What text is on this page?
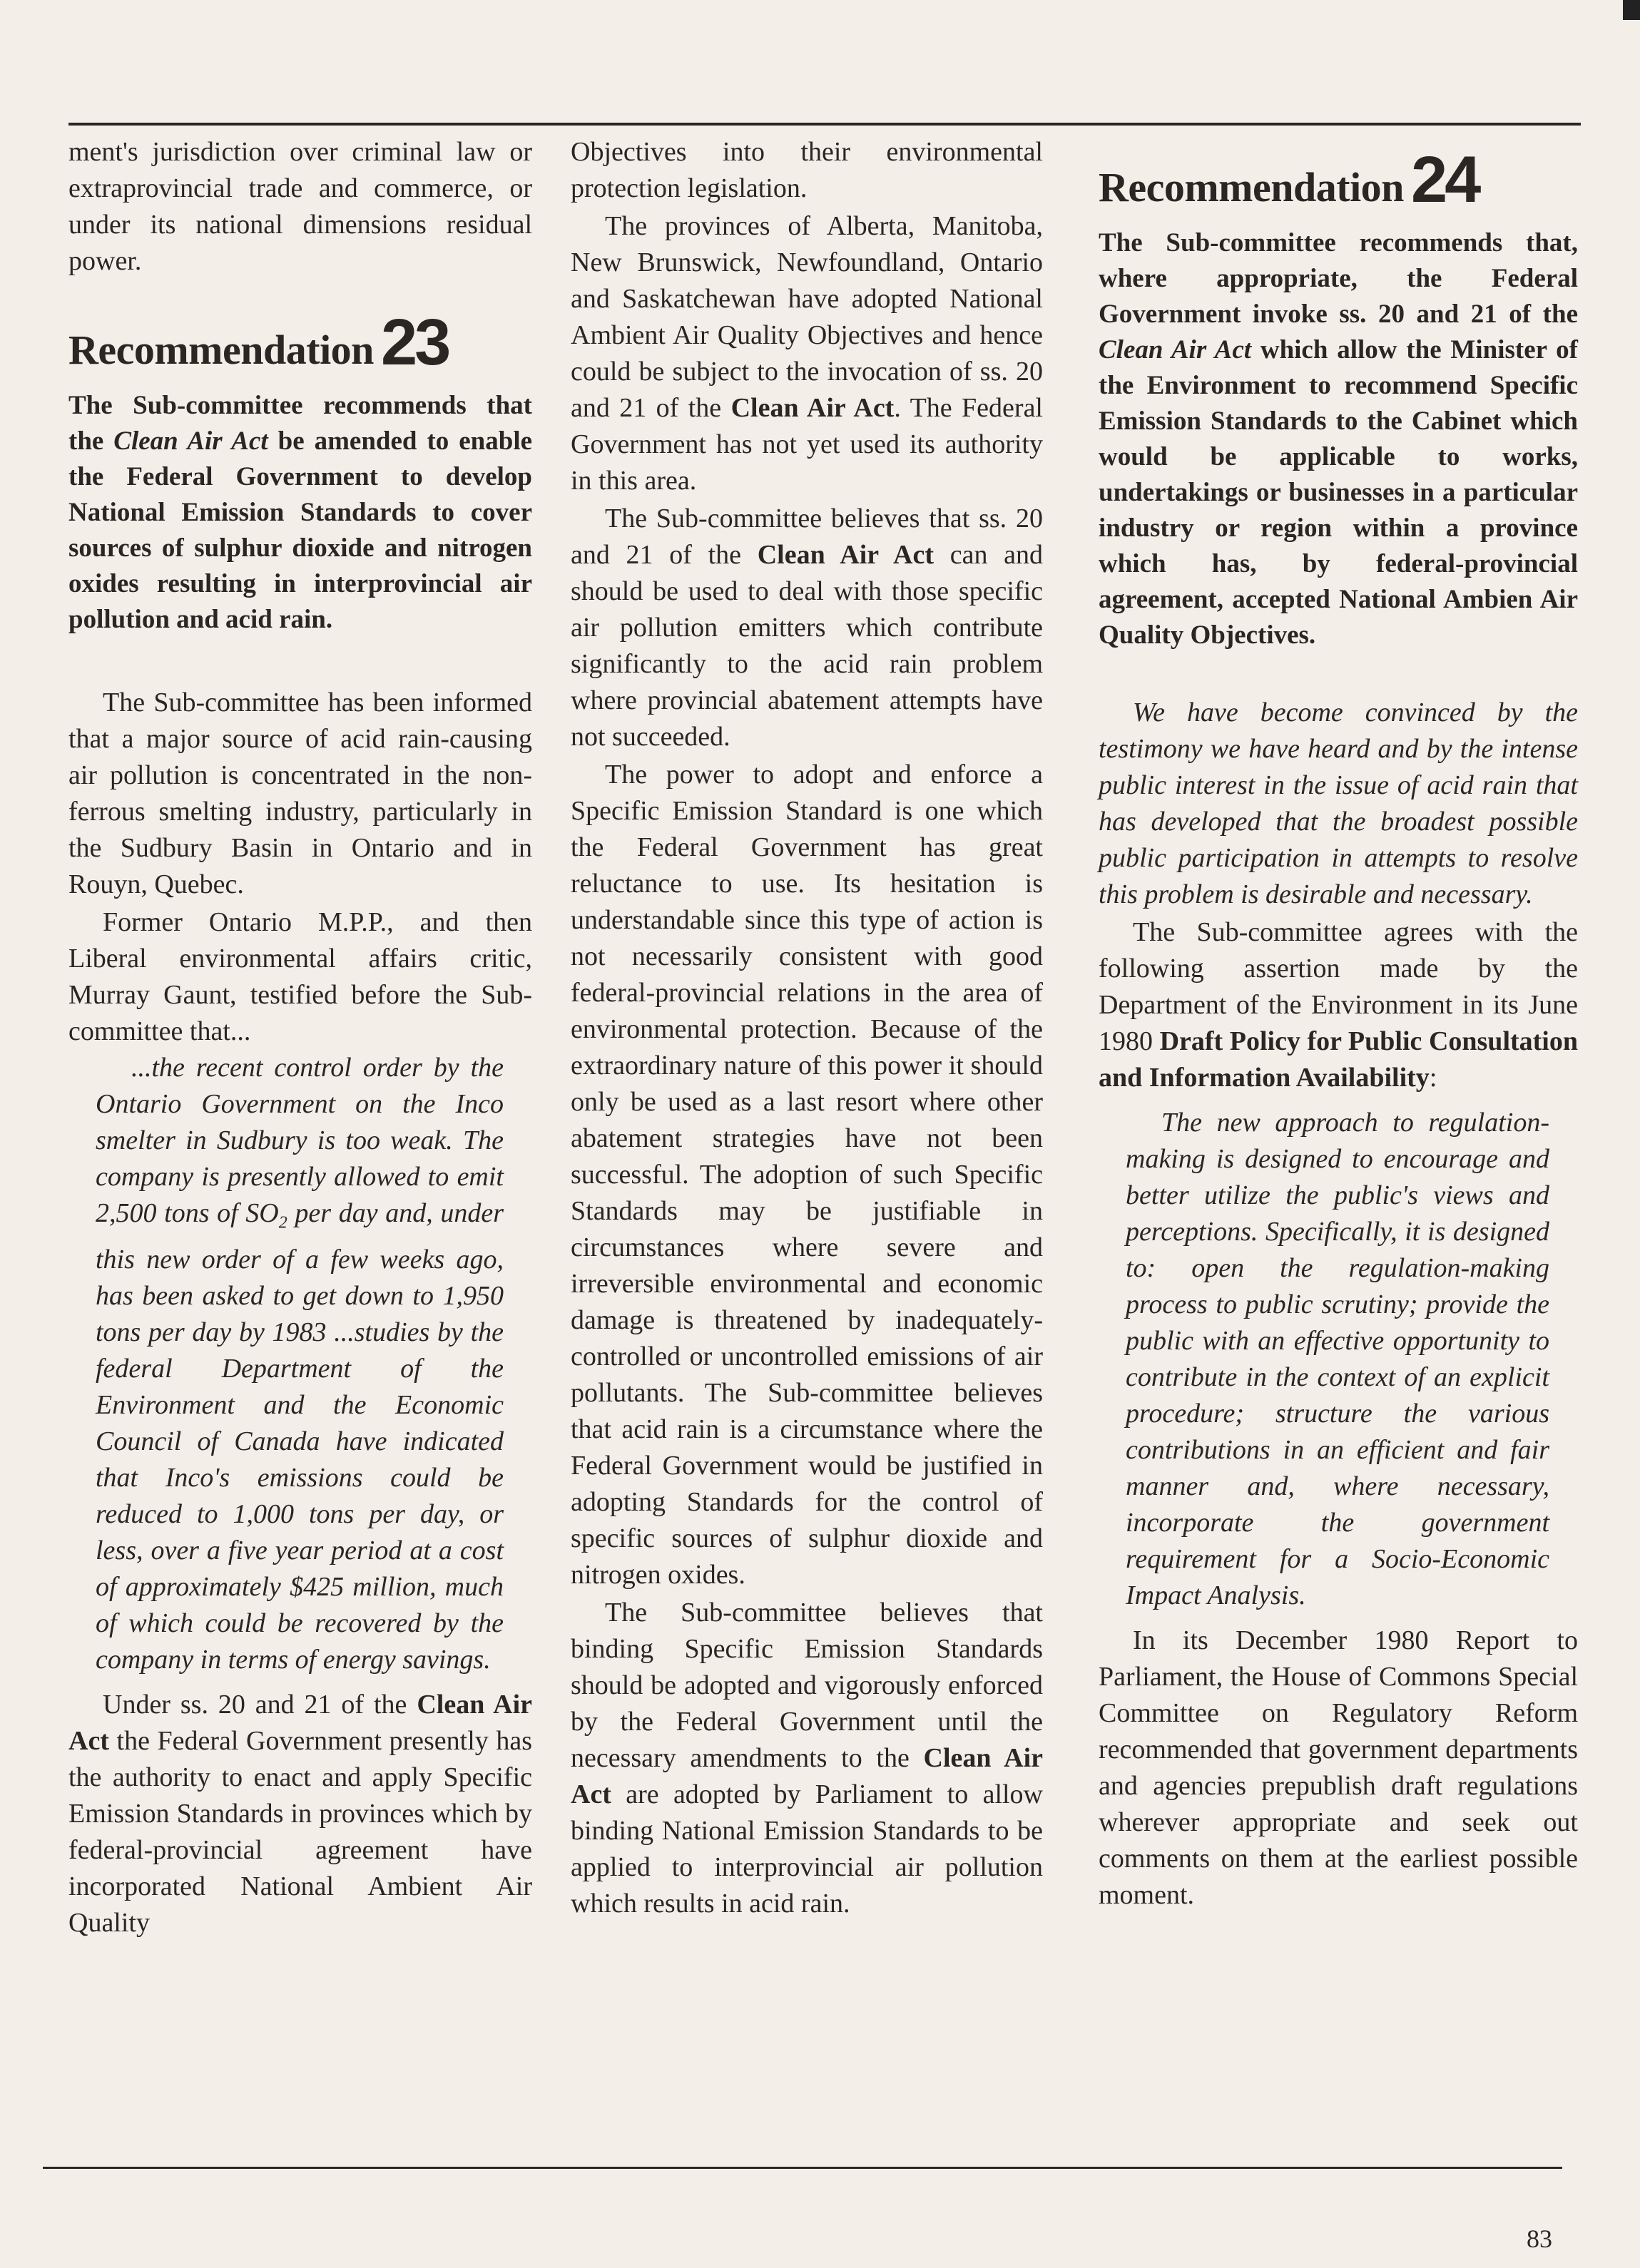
ment's jurisdiction over criminal law or extraprovincial trade and commerce, or under its national dimensions residual power.

Recommendation 23

The Sub-committee recommends that the Clean Air Act be amended to enable the Federal Government to develop National Emission Standards to cover sources of sulphur dioxide and nitrogen oxides resulting in interprovincial air pollution and acid rain.

The Sub-committee has been informed that a major source of acid rain-causing air pollution is concentrated in the non-ferrous smelting industry, particularly in the Sudbury Basin in Ontario and in Rouyn, Quebec.

Former Ontario M.P.P., and then Liberal environmental affairs critic, Murray Gaunt, testified before the Sub-committee that...

...the recent control order by the Ontario Government on the Inco smelter in Sudbury is too weak. The company is presently allowed to emit 2,500 tons of $SO_2$ per day and, under this new order of a few weeks ago, has been asked to get down to 1,950 tons per day by 1983 ...studies by the federal Department of the Environment and the Economic Council of Canada have indicated that Inco's emissions could be reduced to 1,000 tons per day, or less, over a five year period at a cost of approximately $425 million, much of which could be recovered by the company in terms of energy savings.

Under ss. 20 and 21 of the Clean Air Act the Federal Government presently has the authority to enact and apply Specific Emission Standards in provinces which by federal-provincial agreement have incorporated National Ambient Air Quality

Objectives into their environmental protection legislation.

The provinces of Alberta, Manitoba, New Brunswick, Newfoundland, Ontario and Saskatchewan have adopted National Ambient Air Quality Objectives and hence could be subject to the invocation of ss. 20 and 21 of the Clean Air Act. The Federal Government has not yet used its authority in this area.

The Sub-committee believes that ss. 20 and 21 of the Clean Air Act can and should be used to deal with those specific air pollution emitters which contribute significantly to the acid rain problem where provincial abatement attempts have not succeeded.

The power to adopt and enforce a Specific Emission Standard is one which the Federal Government has great reluctance to use. Its hesitation is understandable since this type of action is not necessarily consistent with good federal-provincial relations in the area of environmental protection. Because of the extraordinary nature of this power it should only be used as a last resort where other abatement strategies have not been successful. The adoption of such Specific Standards may be justifiable in circumstances where severe and irreversible environmental and economic damage is threatened by inadequately-controlled or uncontrolled emissions of air pollutants. The Sub-committee believes that acid rain is a circumstance where the Federal Government would be justified in adopting Standards for the control of specific sources of sulphur dioxide and nitrogen oxides.

The Sub-committee believes that binding Specific Emission Standards should be adopted and vigorously enforced by the Federal Government until the necessary amendments to the Clean Air Act are adopted by Parliament to allow binding National Emission Standards to be applied to interprovincial air pollution which results in acid rain.

Recommendation 24

The Sub-committee recommends that, where appropriate, the Federal Government invoke ss. 20 and 21 of the Clean Air Act which allow the Minister of the Environment to recommend Specific Emission Standards to the Cabinet which would be applicable to works, undertakings or businesses in a particular industry or region within a province which has, by federal-provincial agreement, accepted National Ambien Air Quality Objectives.

We have become convinced by the testimony we have heard and by the intense public interest in the issue of acid rain that has developed that the broadest possible public participation in attempts to resolve this problem is desirable and necessary.

The Sub-committee agrees with the following assertion made by the Department of the Environment in its June 1980 Draft Policy for Public Consultation and Information Availability:

The new approach to regulation-making is designed to encourage and better utilize the public's views and perceptions. Specifically, it is designed to: open the regulation-making process to public scrutiny; provide the public with an effective opportunity to contribute in the context of an explicit procedure; structure the various contributions in an efficient and fair manner and, where necessary, incorporate the government requirement for a Socio-Economic Impact Analysis.

In its December 1980 Report to Parliament, the House of Commons Special Committee on Regulatory Reform recommended that government departments and agencies prepublish draft regulations wherever appropriate and seek out comments on them at the earliest possible moment.

83
